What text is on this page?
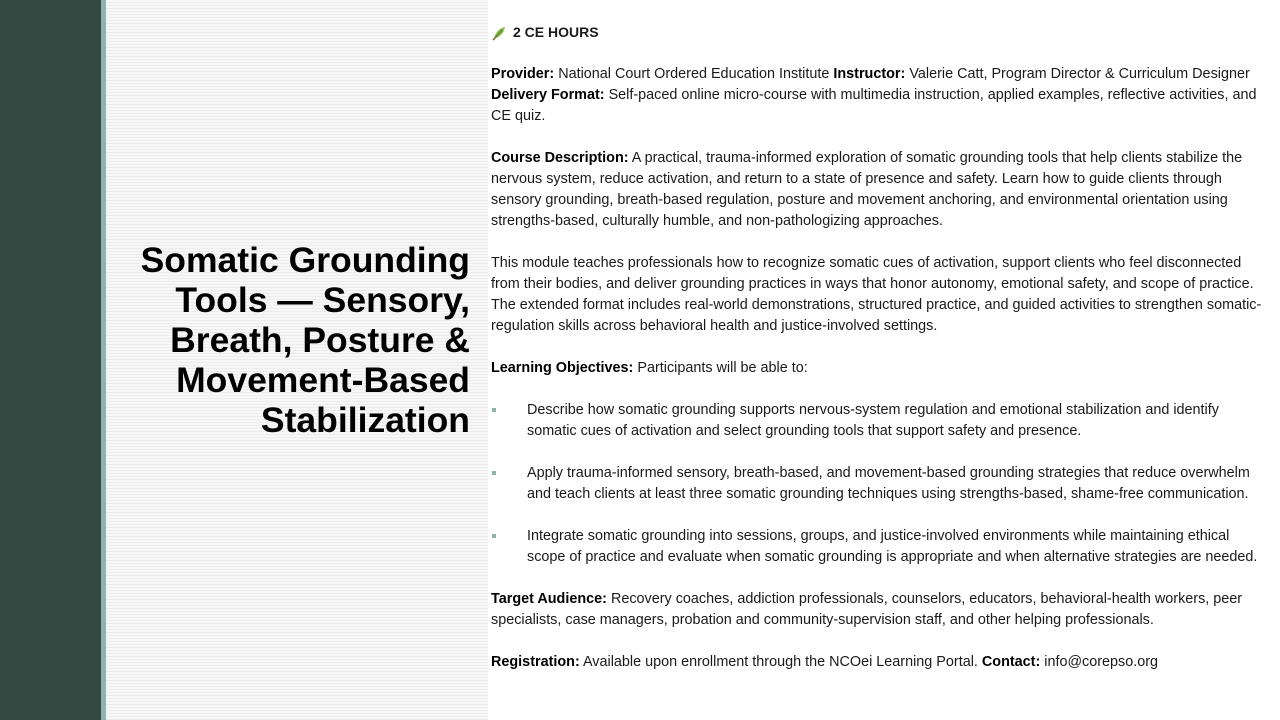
Somatic Grounding Tools — Sensory, Breath, Posture & Movement-Based Stabilization

2 CE HOURS

Provider: National Court Ordered Education Institute Instructor: Valerie Catt, Program Director & Curriculum Designer

Delivery Format: Self-paced online micro-course with multimedia instruction, applied examples, reflective activities, and CE quiz.

Course Description: A practical, trauma-informed exploration of somatic grounding tools that help clients stabilize the nervous system, reduce activation, and return to a state of presence and safety. Learn how to guide clients through sensory grounding, breath-based regulation, posture and movement anchoring, and environmental orientation using strengths-based, culturally humble, and non-pathologizing approaches.

This module teaches professionals how to recognize somatic cues of activation, support clients who feel disconnected from their bodies, and deliver grounding practices in ways that honor autonomy, emotional safety, and scope of practice. The extended format includes real-world demonstrations, structured practice, and guided activities to strengthen somatic-regulation skills across behavioral health and justice-involved settings.

Learning Objectives: Participants will be able to:

Describe how somatic grounding supports nervous-system regulation and emotional stabilization and identify somatic cues of activation and select grounding tools that support safety and presence.

Apply trauma-informed sensory, breath-based, and movement-based grounding strategies that reduce overwhelm and teach clients at least three somatic grounding techniques using strengths-based, shame-free communication.

Integrate somatic grounding into sessions, groups, and justice-involved environments while maintaining ethical scope of practice and evaluate when somatic grounding is appropriate and when alternative strategies are needed.

Target Audience: Recovery coaches, addiction professionals, counselors, educators, behavioral-health workers, peer specialists, case managers, probation and community-supervision staff, and other helping professionals.

Registration: Available upon enrollment through the NCOei Learning Portal. Contact: info@corepso.org
